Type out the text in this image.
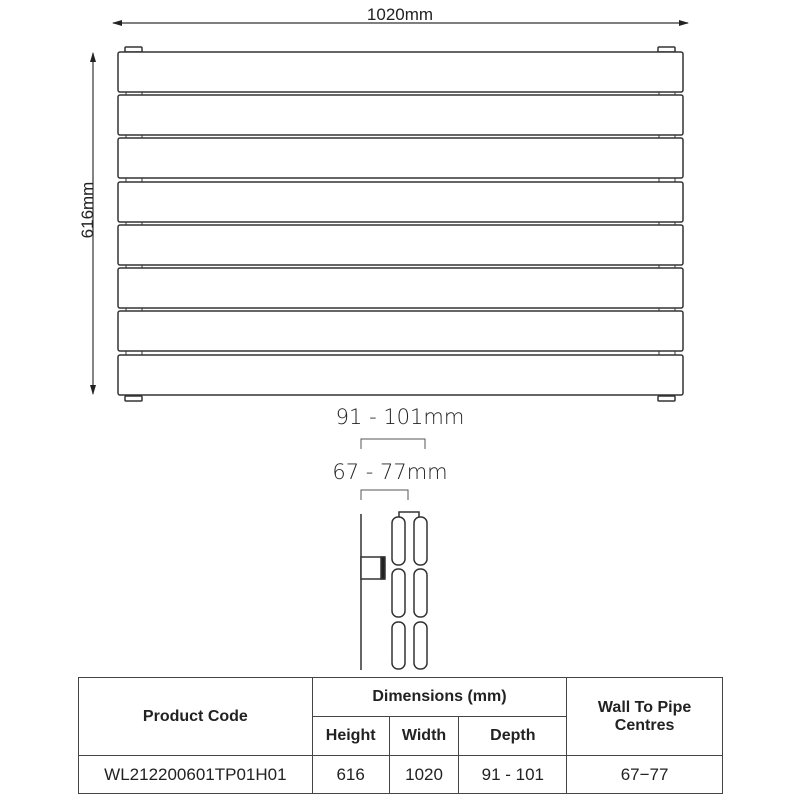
1020mm
616mm
91 - 101mm
67 - 77mm
Product Code	Dimensions (mm)			Wall To Pipe Centres
	Height	Width	Depth	
WL212200601TP01H01	616	1020	91 - 101	67−77
